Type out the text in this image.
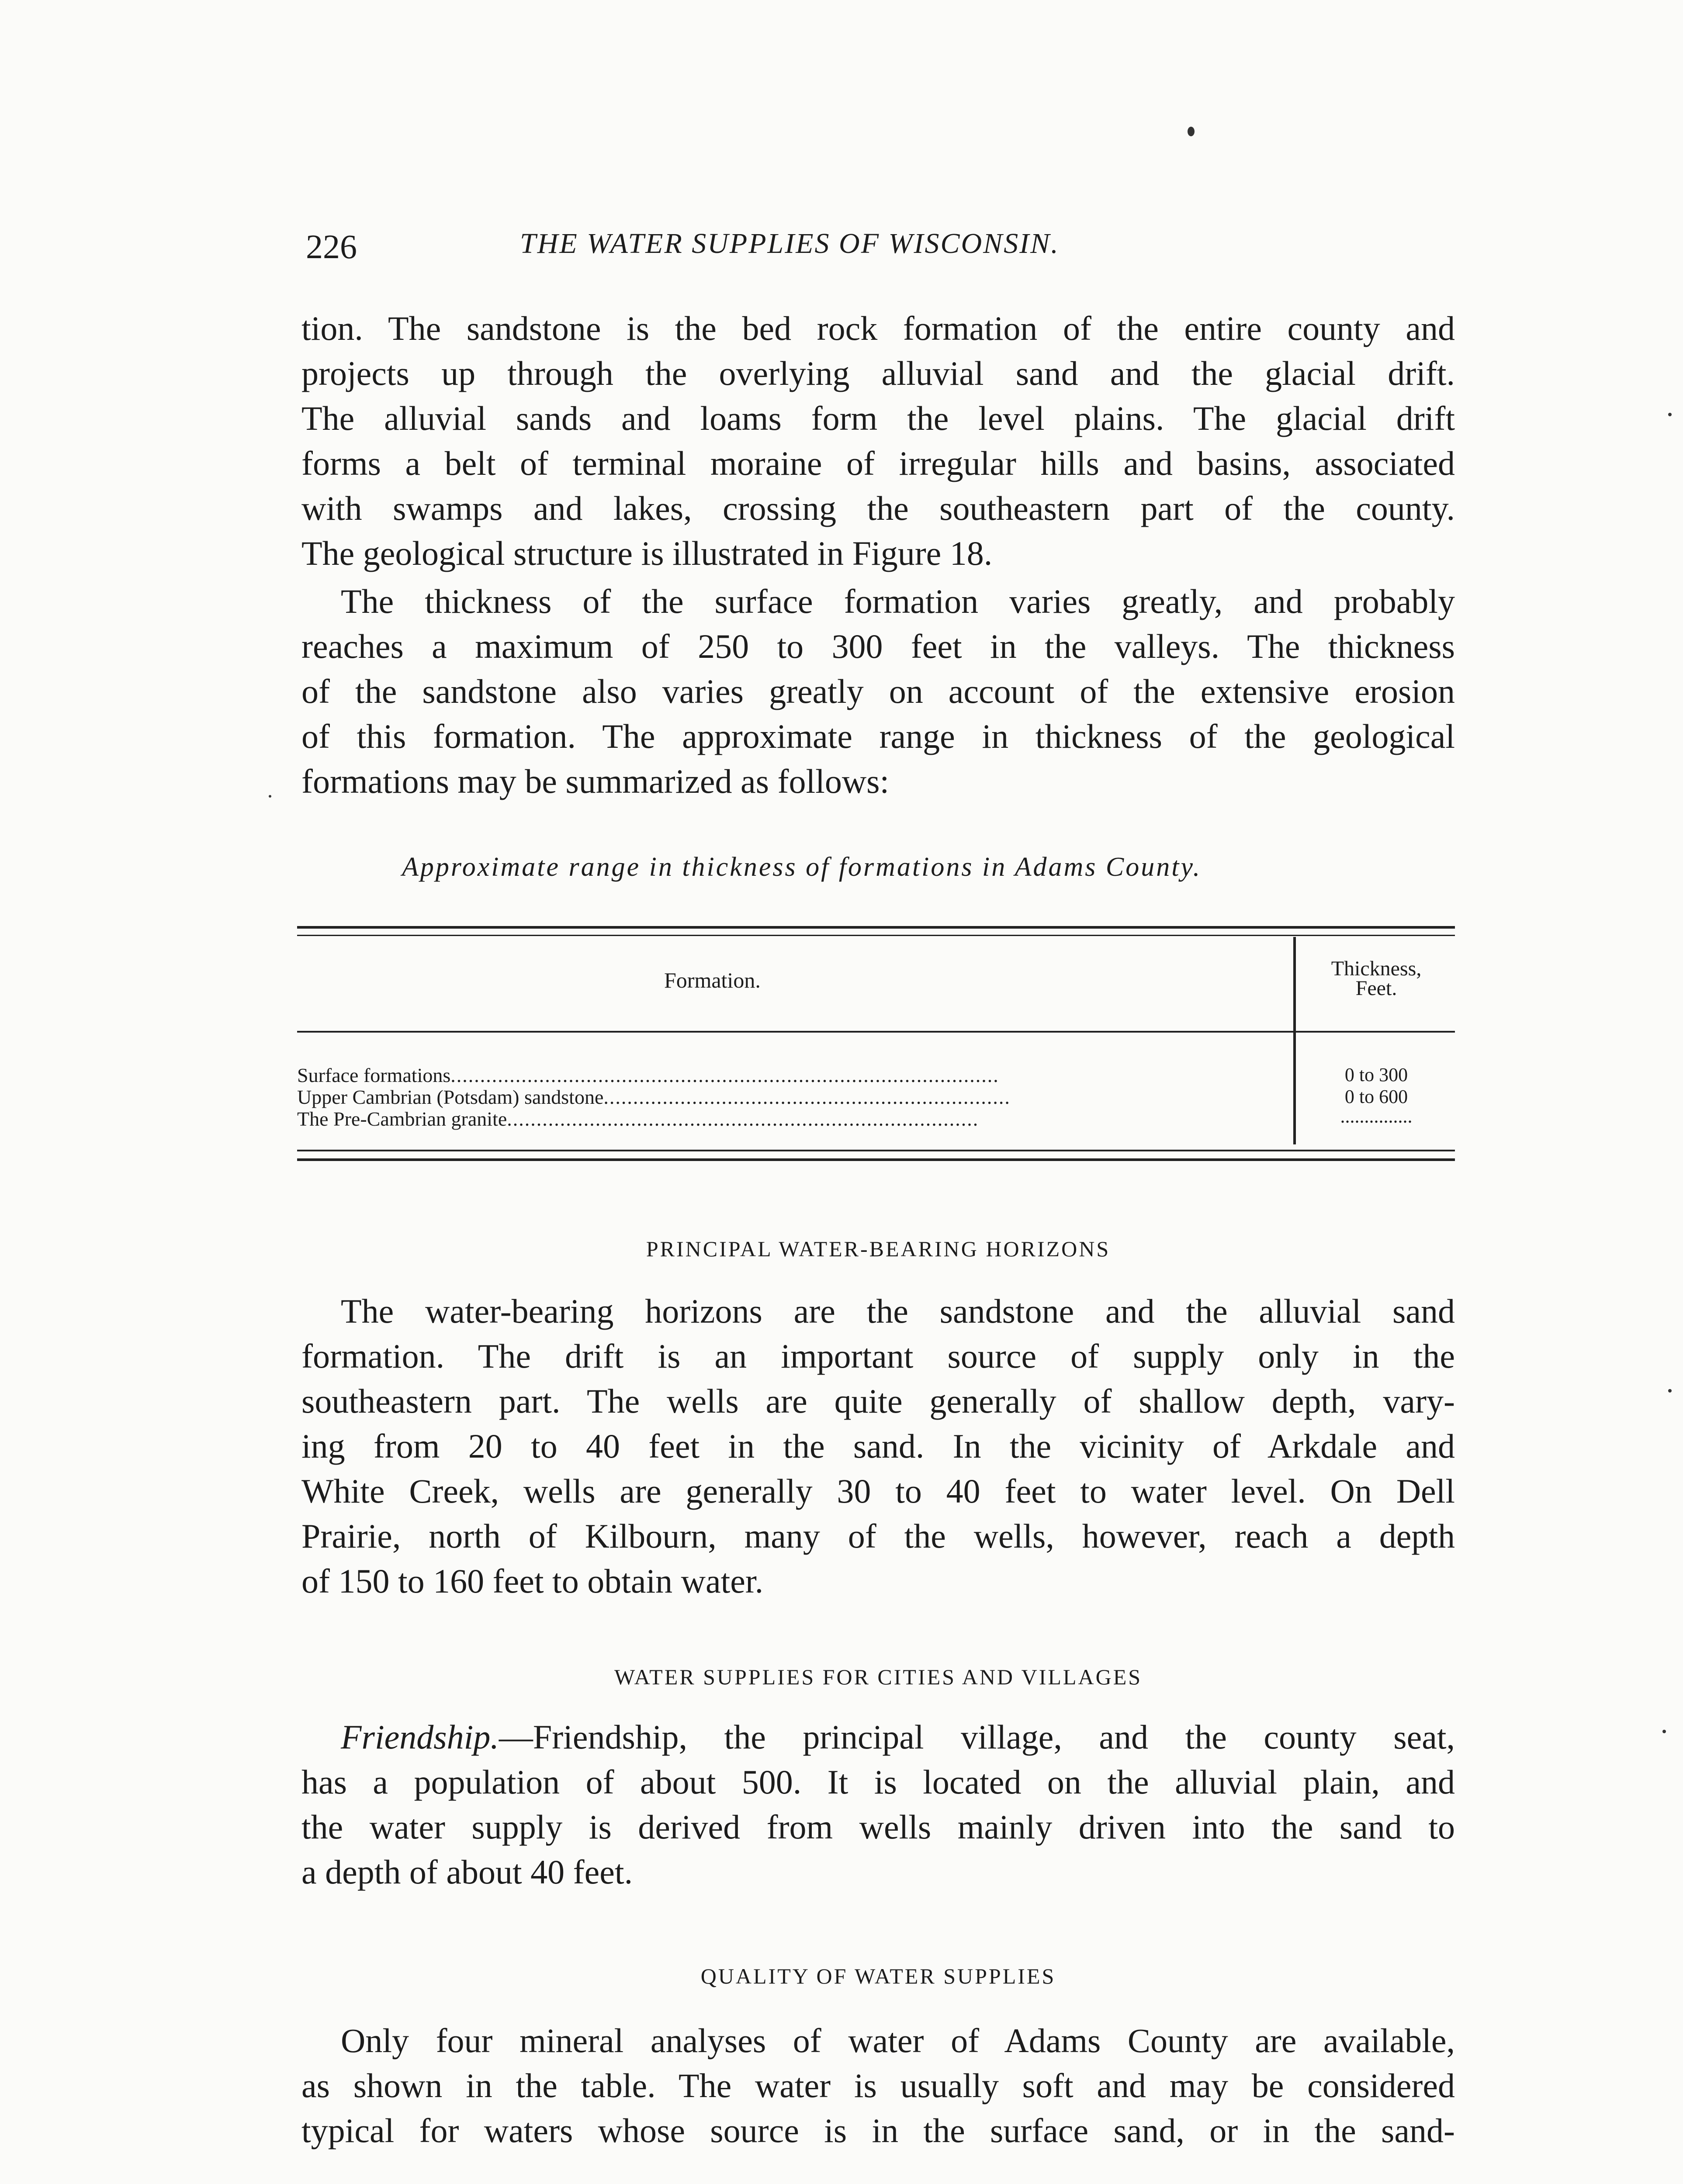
226	THE WATER SUPPLIES OF WISCONSIN.

tion. The sandstone is the bed rock formation of the entire county and
projects up through the overlying alluvial sand and the glacial drift.
The alluvial sands and loams form the level plains. The glacial drift
forms a belt of terminal moraine of irregular hills and basins, associated
with swamps and lakes, crossing the southeastern part of the county.
The geological structure is illustrated in Figure 18.

The thickness of the surface formation varies greatly, and probably
reaches a maximum of 250 to 300 feet in the valleys. The thickness
of the sandstone also varies greatly on account of the extensive erosion
of this formation. The approximate range in thickness of the geological
formations may be summarized as follows:

Approximate range in thickness of formations in Adams County.
Formation.	Thickness,
Feet.
Surface formations.............................................................................................	0 to 300
Upper Cambrian (Potsdam) sandstone.....................................................................	0 to 600
The Pre-Cambrian granite................................................................................	...............
PRINCIPAL WATER-BEARING HORIZONS

The water-bearing horizons are the sandstone and the alluvial sand
formation. The drift is an important source of supply only in the
southeastern part. The wells are quite generally of shallow depth, vary-
ing from 20 to 40 feet in the sand. In the vicinity of Arkdale and
White Creek, wells are generally 30 to 40 feet to water level. On Dell
Prairie, north of Kilbourn, many of the wells, however, reach a depth
of 150 to 160 feet to obtain water.

WATER SUPPLIES FOR CITIES AND VILLAGES

Friendship.—Friendship, the principal village, and the county seat,
has a population of about 500. It is located on the alluvial plain, and
the water supply is derived from wells mainly driven into the sand to
a depth of about 40 feet.

QUALITY OF WATER SUPPLIES

Only four mineral analyses of water of Adams County are available,
as shown in the table. The water is usually soft and may be considered
typical for waters whose source is in the surface sand, or in the sand-
